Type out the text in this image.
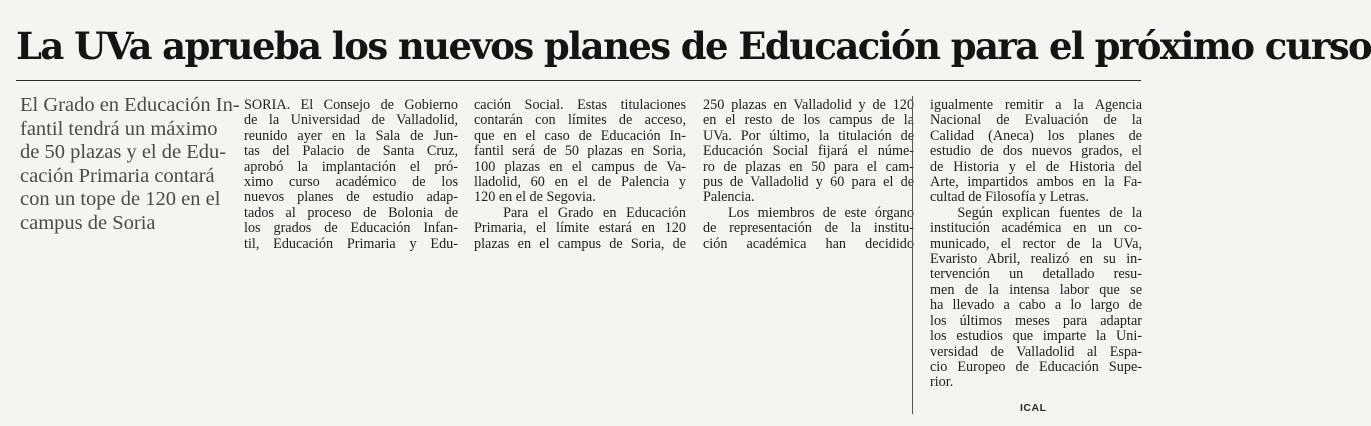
La UVa aprueba los nuevos planes de Educación para el próximo curso
El Grado en Educación In-
fantil tendrá un máximo
de 50 plazas y el de Edu-
cación Primaria contará
con un tope de 120 en el
campus de Soria
SORIA. El Consejo de Gobierno
de la Universidad de Valladolid,
reunido ayer en la Sala de Jun-
tas del Palacio de Santa Cruz,
aprobó la implantación el pró-
ximo curso académico de los
nuevos planes de estudio adap-
tados al proceso de Bolonia de
los grados de Educación Infan-
til, Educación Primaria y Edu-
cación Social. Estas titulaciones
contarán con límites de acceso,
que en el caso de Educación In-
fantil será de 50 plazas en Soria,
100 plazas en el campus de Va-
lladolid, 60 en el de Palencia y
120 en el de Segovia.
Para el Grado en Educación
Primaria, el límite estará en 120
plazas en el campus de Soria, de
250 plazas en Valladolid y de 120
en el resto de los campus de la
UVa. Por último, la titulación de
Educación Social fijará el núme-
ro de plazas en 50 para el cam-
pus de Valladolid y 60 para el de
Palencia.
Los miembros de este órgano
de representación de la institu-
ción académica han decidido
igualmente remitir a la Agencia
Nacional de Evaluación de la
Calidad (Aneca) los planes de
estudio de dos nuevos grados, el
de Historia y el de Historia del
Arte, impartidos ambos en la Fa-
cultad de Filosofía y Letras.
Según explican fuentes de la
institución académica en un co-
municado, el rector de la UVa,
Evaristo Abril, realizó en su in-
tervención un detallado resu-
men de la intensa labor que se
ha llevado a cabo a lo largo de
los últimos meses para adaptar
los estudios que imparte la Uni-
versidad de Valladolid al Espa-
cio Europeo de Educación Supe-
rior.
ICAL
